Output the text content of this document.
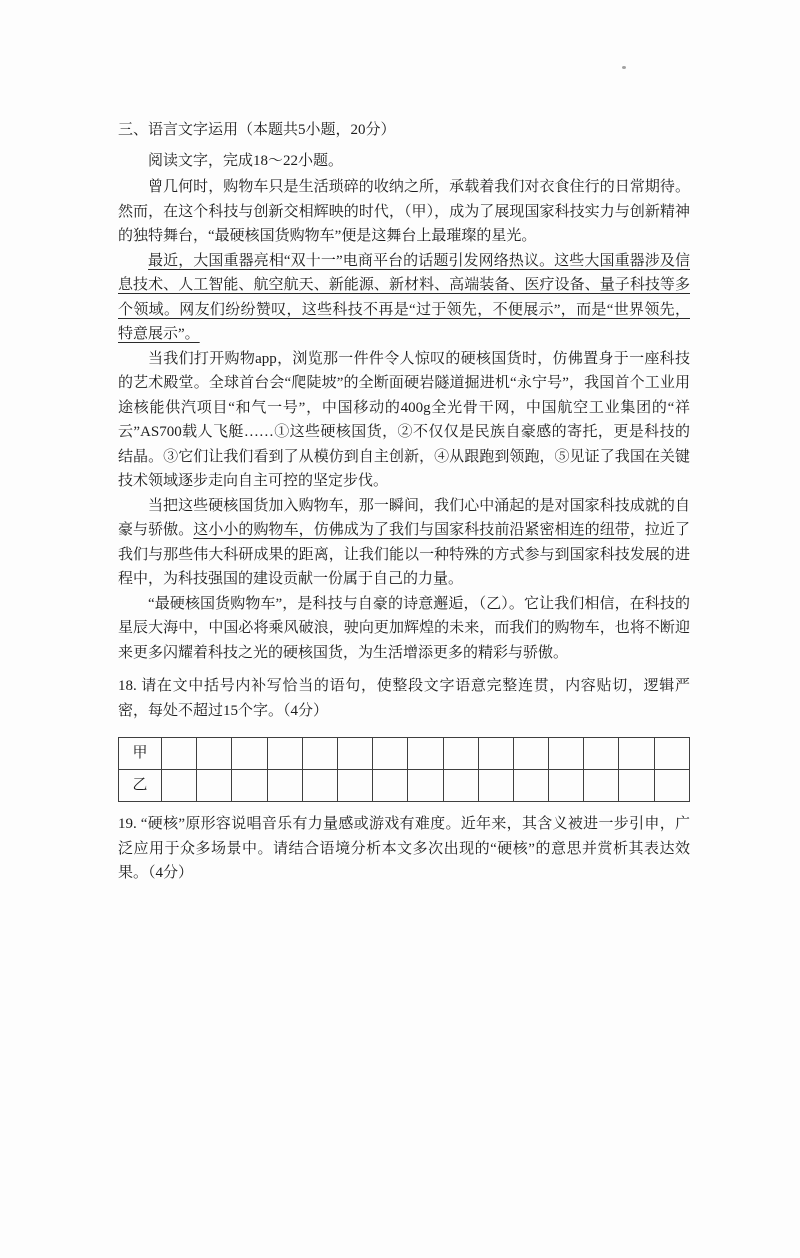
三、语言文字运用（本题共5小题，20分）
阅读文字，完成18～22小题。

曾几何时，购物车只是生活琐碎的收纳之所，承载着我们对衣食住行的日常期待。然而，在这个科技与创新交相辉映的时代，（甲），成为了展现国家科技实力与创新精神的独特舞台，“最硬核国货购物车”便是这舞台上最璀璨的星光。

最近，大国重器亮相“双十一”电商平台的话题引发网络热议。这些大国重器涉及信息技术、人工智能、航空航天、新能源、新材料、高端装备、医疗设备、量子科技等多个领域。网友们纷纷赞叹，这些科技不再是“过于领先，不便展示”，而是“世界领先，特意展示”。

当我们打开购物app，浏览那一件件令人惊叹的硬核国货时，仿佛置身于一座科技的艺术殿堂。全球首台会“爬陡坡”的全断面硬岩隧道掘进机“永宁号”，我国首个工业用途核能供汽项目“和气一号”，中国移动的400g全光骨干网，中国航空工业集团的“祥云”AS700载人飞艇……①这些硬核国货，②不仅仅是民族自豪感的寄托，更是科技的结晶。③它们让我们看到了从模仿到自主创新，④从跟跑到领跑，⑤见证了我国在关键技术领域逐步走向自主可控的坚定步伐。

当把这些硬核国货加入购物车，那一瞬间，我们心中涌起的是对国家科技成就的自豪与骄傲。这小小的购物车，仿佛成为了我们与国家科技前沿紧密相连的纽带，拉近了我们与那些伟大科研成果的距离，让我们能以一种特殊的方式参与到国家科技发展的进程中，为科技强国的建设贡献一份属于自己的力量。

“最硬核国货购物车”，是科技与自豪的诗意邂逅，（乙）。它让我们相信，在科技的星辰大海中，中国必将乘风破浪，驶向更加辉煌的未来，而我们的购物车，也将不断迎来更多闪耀着科技之光的硬核国货，为生活增添更多的精彩与骄傲。

18. 请在文中括号内补写恰当的语句，使整段文字语意完整连贯，内容贴切，逻辑严密，每处不超过15个字。（4分）
甲															
乙															
19. “硬核”原形容说唱音乐有力量感或游戏有难度。近年来，其含义被进一步引申，广泛应用于众多场景中。请结合语境分析本文多次出现的“硬核”的意思并赏析其表达效果。（4分）
